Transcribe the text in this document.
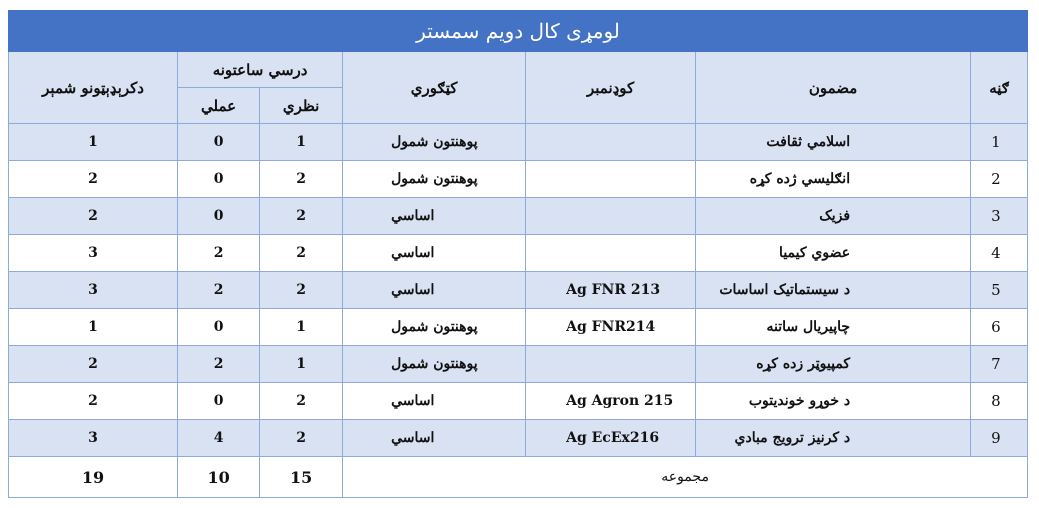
لومړی کال دویم سمستر						
ګڼه	مضمون	کوډنمبر	کټګوري	درسي ساعتونه		دکرېډېټونو شمېر
				نظري	عملي	
1	اسلامي ثقافت		پوهنتون شمول	1	0	1
2	انګلیسي ژده کړه		پوهنتون شمول	2	0	2
3	فزیک		اساسي	2	0	2
4	عضوي کیمیا		اساسي	2	2	3
5	د سیستماتیک اساسات	Ag FNR 213	اساسي	2	2	3
6	چاپیریال ساتنه	Ag FNR214	پوهنتون شمول	1	0	1
7	کمپیوټر زده کړه		پوهنتون شمول	1	2	2
8	د خوړو خوندیتوب	Ag Agron 215	اساسي	2	0	2
9	د کرنیز ترویج مبادي	Ag EcEx216	اساسي	2	4	3
مجموعه				15	10	19
